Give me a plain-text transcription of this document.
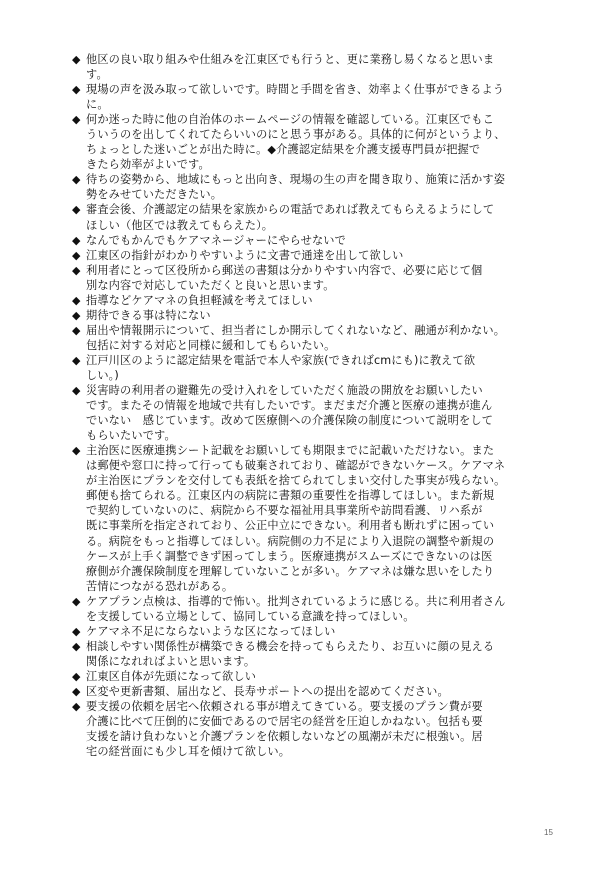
◆ 他区の良い取り組みや仕組みを江東区でも行うと、更に業務し易くなると思いま
す。
◆ 現場の声を汲み取って欲しいです。時間と手間を省き、効率よく仕事ができるよう
に。
◆ 何か迷った時に他の自治体のホームページの情報を確認している。江東区でもこ
ういうのを出してくれてたらいいのにと思う事がある。具体的に何がというより、
ちょっとした迷いごとが出た時に。◆介護認定結果を介護支援専門員が把握で
きたら効率がよいです。
◆ 待ちの姿勢から、地域にもっと出向き、現場の生の声を聞き取り、施策に活かす姿
勢をみせていただきたい。
◆ 審査会後、介護認定の結果を家族からの電話であれば教えてもらえるようにして
ほしい（他区では教えてもらえた）。
◆ なんでもかんでもケアマネージャーにやらせないで
◆ 江東区の指針がわかりやすいように文書で通達を出して欲しい
◆ 利用者にとって区役所から郵送の書類は分かりやすい内容で、必要に応じて個
別な内容で対応していただくと良いと思います。
◆ 指導などケアマネの負担軽減を考えてほしい
◆ 期待できる事は特にない
◆ 届出や情報開示について、担当者にしか開示してくれないなど、融通が利かない。
包括に対する対応と同様に緩和してもらいたい。
◆ 江戸川区のように認定結果を電話で本人や家族(できればcmにも)に教えて欲
しい。)
◆ 災害時の利用者の避難先の受け入れをしていただく施設の開放をお願いしたい
です。またその情報を地域で共有したいです。まだまだ介護と医療の連携が進ん
でいない　感じています。改めて医療側への介護保険の制度について説明をして
もらいたいです。
◆ 主治医に医療連携シート記載をお願いしても期限までに記載いただけない。また
は郵便や窓口に持って行っても破棄されており、確認ができないケース。ケアマネ
が主治医にプランを交付しても表紙を捨てられてしまい交付した事実が残らない。
郵便も捨てられる。江東区内の病院に書類の重要性を指導してほしい。また新規
で契約していないのに、病院から不要な福祉用具事業所や訪問看護、リハ系が
既に事業所を指定されており、公正中立にできない。利用者も断れずに困ってい
る。病院をもっと指導してほしい。病院側の力不足により入退院の調整や新規の
ケースが上手く調整できず困ってしまう。医療連携がスムーズにできないのは医
療側が介護保険制度を理解していないことが多い。ケアマネは嫌な思いをしたり
苦情につながる恐れがある。
◆ ケアプラン点検は、指導的で怖い。批判されているように感じる。共に利用者さん
を支援している立場として、協同している意識を持ってほしい。
◆ ケアマネ不足にならないような区になってほしい
◆ 相談しやすい関係性が構築できる機会を持ってもらえたり、お互いに顔の見える
関係になれればよいと思います。
◆ 江東区自体が先頭になって欲しい
◆ 区変や更新書類、届出など、長寿サポートへの提出を認めてください。
◆ 要支援の依頼を居宅へ依頼される事が増えてきている。要支援のプラン費が要
介護に比べて圧倒的に安価であるので居宅の経営を圧迫しかねない。包括も要
支援を請け負わないと介護プランを依頼しないなどの風潮が未だに根強い。居
宅の経営面にも少し耳を傾けて欲しい。
15
